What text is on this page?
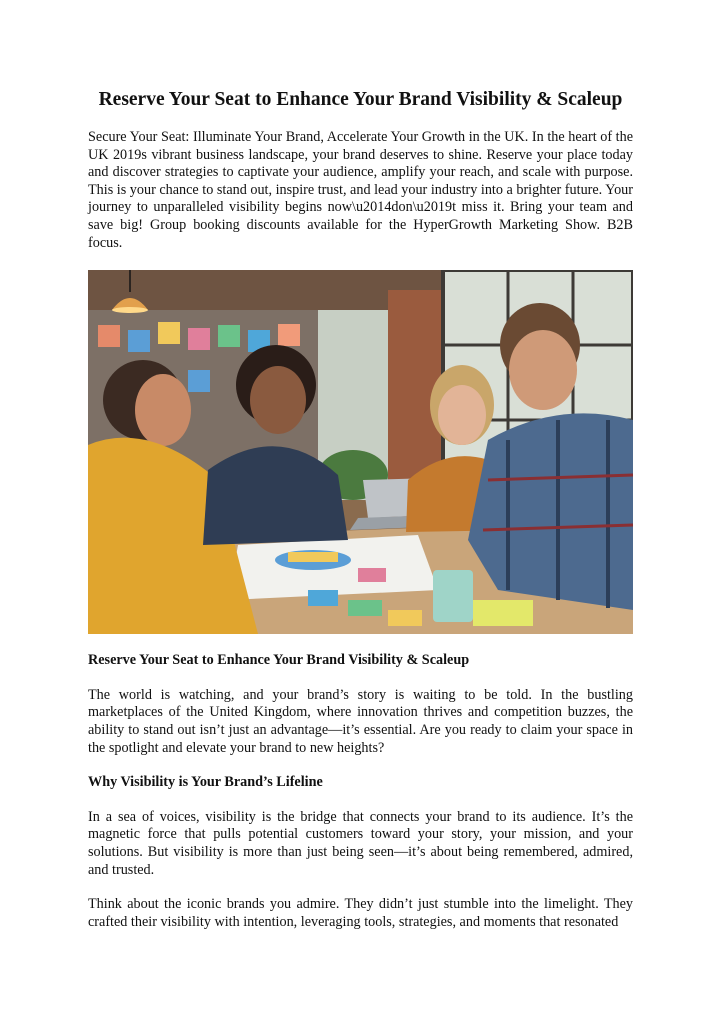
Reserve Your Seat to Enhance Your Brand Visibility & Scaleup

Secure Your Seat: Illuminate Your Brand, Accelerate Your Growth in the UK. In the heart of the UK 2019s vibrant business landscape, your brand deserves to shine. Reserve your place today and discover strategies to captivate your audience, amplify your reach, and scale with purpose. This is your chance to stand out, inspire trust, and lead your industry into a brighter future. Your journey to unparalleled visibility begins now\u2014don\u2019t miss it. Bring your team and save big! Group booking discounts available for the HyperGrowth Marketing Show. B2B focus.

Reserve Your Seat to Enhance Your Brand Visibility & Scaleup

The world is watching, and your brand’s story is waiting to be told. In the bustling marketplaces of the United Kingdom, where innovation thrives and competition buzzes, the ability to stand out isn’t just an advantage—it’s essential. Are you ready to claim your space in the spotlight and elevate your brand to new heights?

Why Visibility is Your Brand’s Lifeline

In a sea of voices, visibility is the bridge that connects your brand to its audience. It’s the magnetic force that pulls potential customers toward your story, your mission, and your solutions. But visibility is more than just being seen—it’s about being remembered, admired, and trusted.

Think about the iconic brands you admire. They didn’t just stumble into the limelight. They crafted their visibility with intention, leveraging tools, strategies, and moments that resonated
